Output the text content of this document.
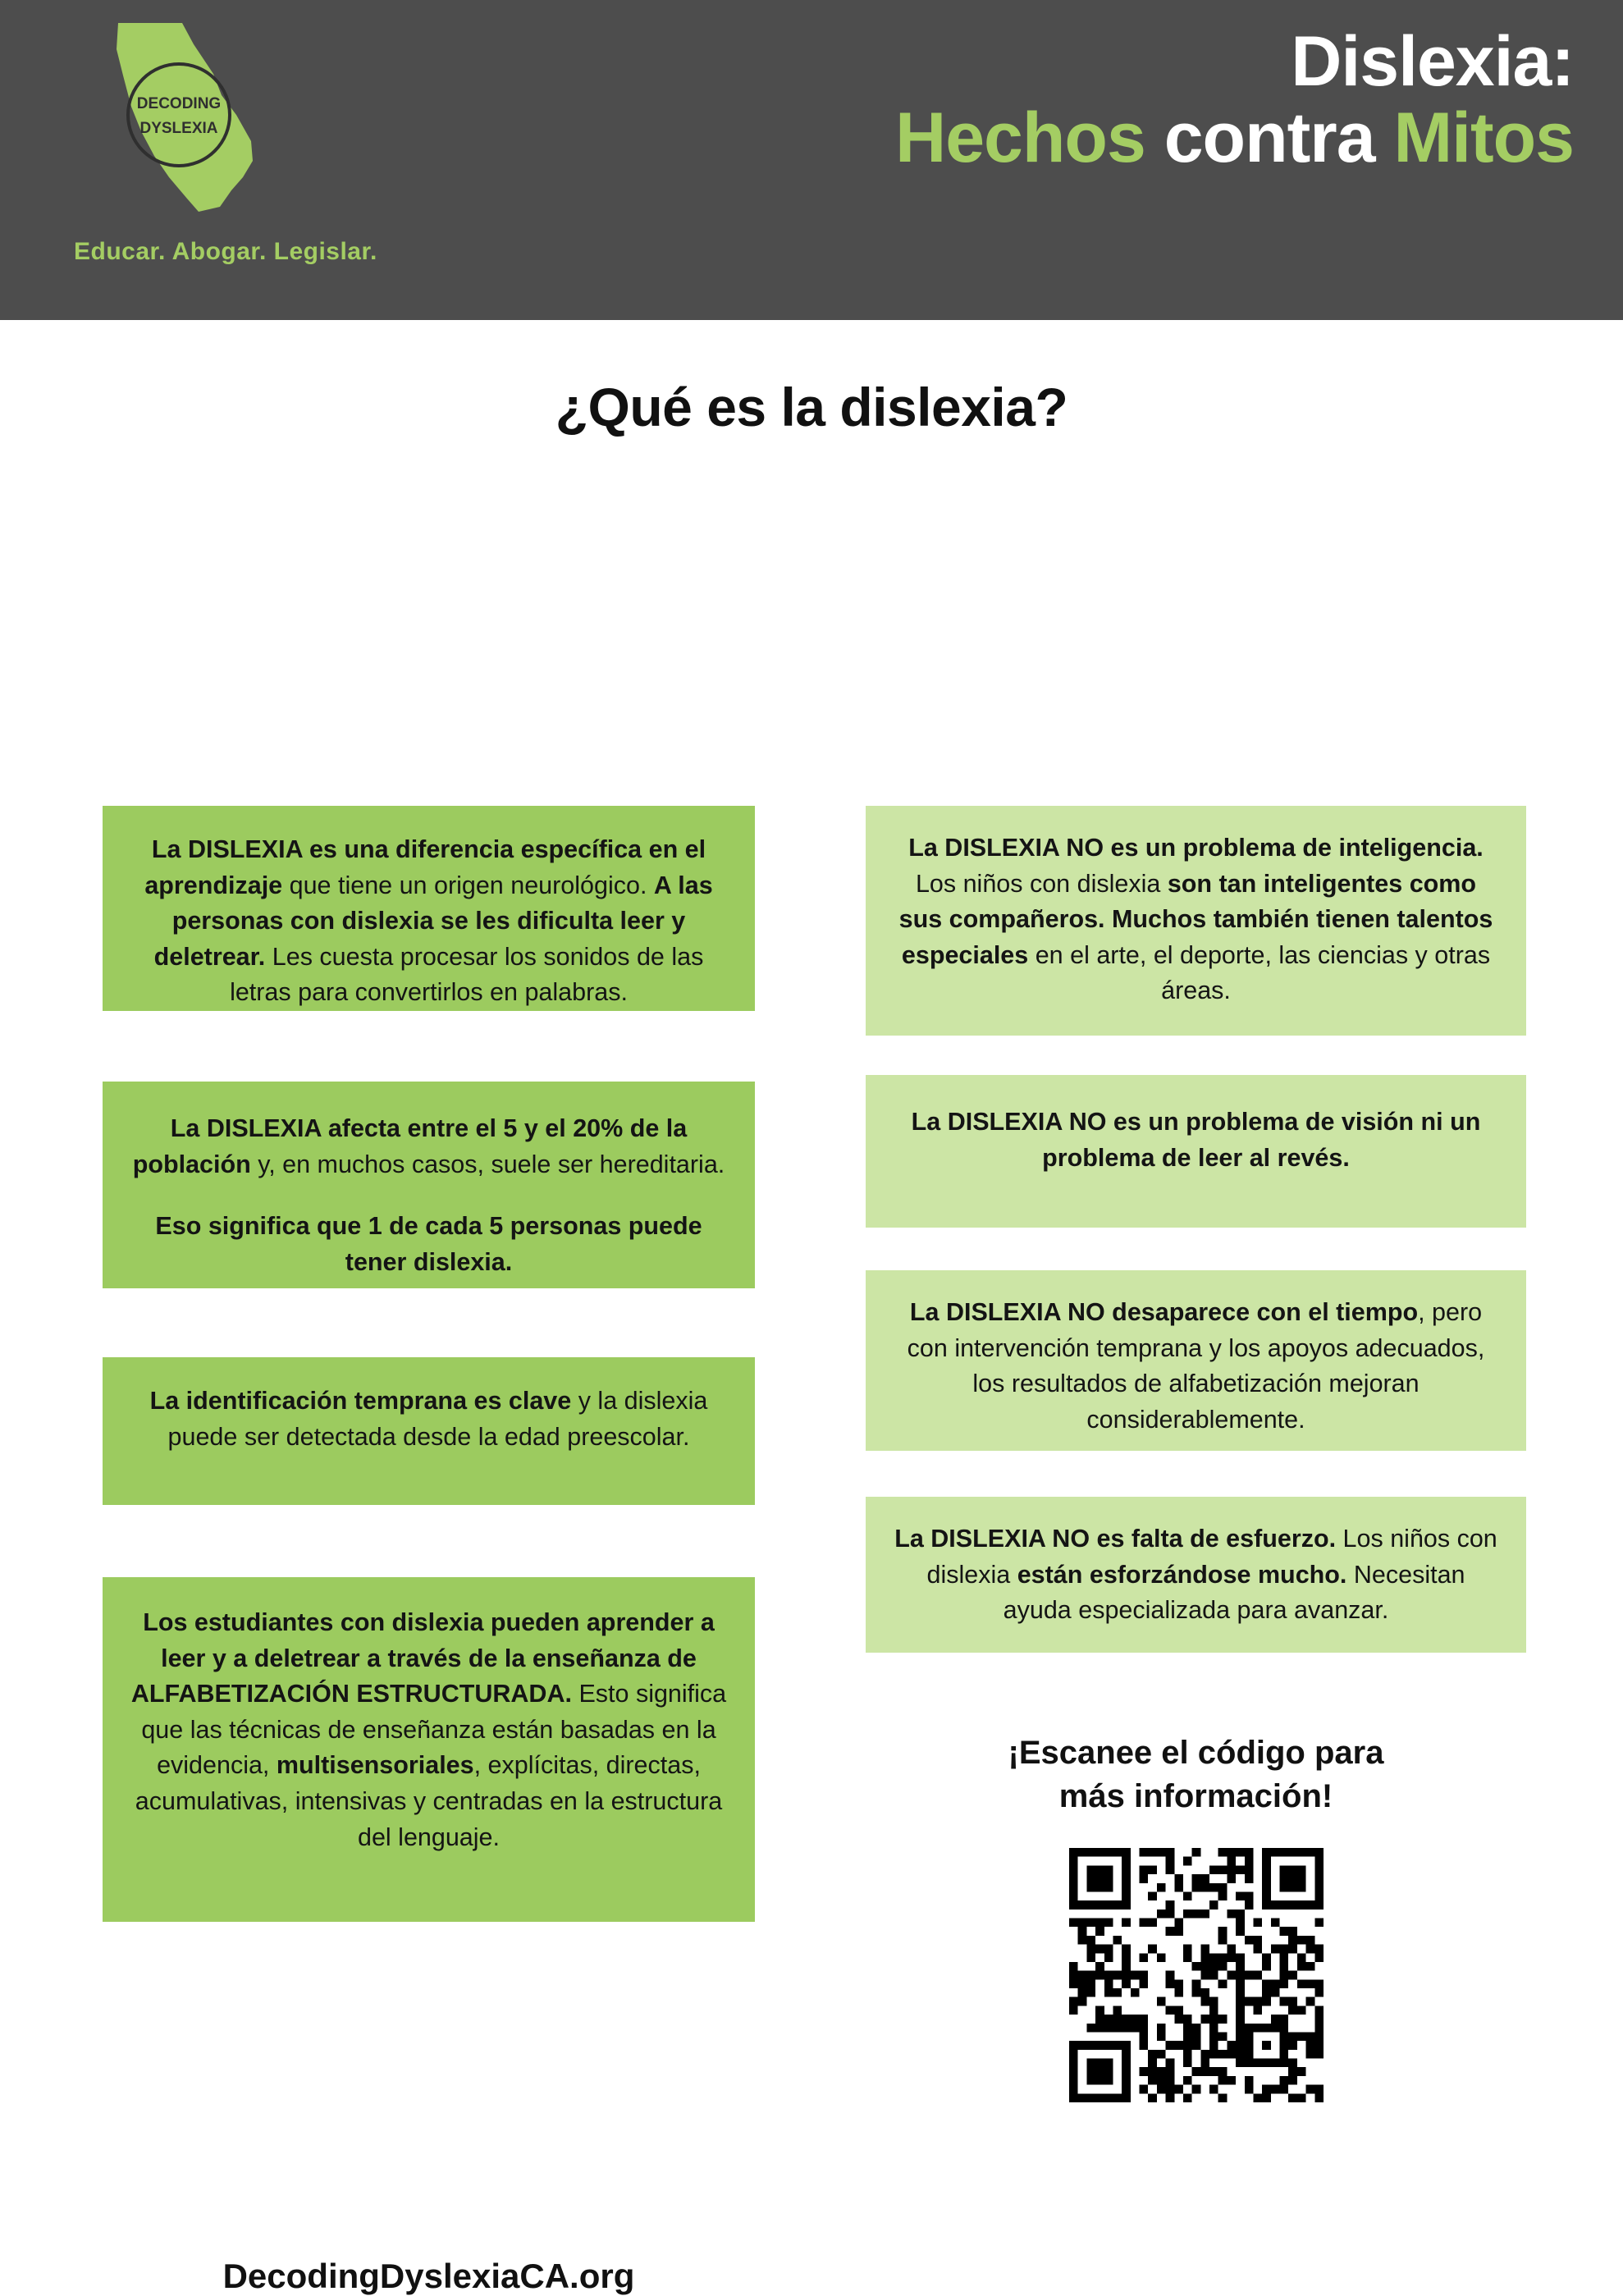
DECODING
DYSLEXIA
Educar. Abogar. Legislar.
Dislexia:
Hechos contra Mitos
¿Qué es la dislexia?

La DISLEXIA es una diferencia específica en el aprendizaje que tiene un origen neurológico. A las personas con dislexia se les dificulta leer y deletrear. Les cuesta procesar los sonidos de las letras para convertirlos en palabras.

La DISLEXIA afecta entre el 5 y el 20% de la población y, en muchos casos, suele ser hereditaria.

Eso significa que 1 de cada 5 personas puede tener dislexia.

La identificación temprana es clave y la dislexia puede ser detectada desde la edad preescolar.

Los estudiantes con dislexia pueden aprender a leer y a deletrear a través de la enseñanza de ALFABETIZACIÓN ESTRUCTURADA. Esto significa que las técnicas de enseñanza están basadas en la evidencia, multisensoriales, explícitas, directas, acumulativas, intensivas y centradas en la estructura del lenguaje.

La DISLEXIA NO es un problema de inteligencia. Los niños con dislexia son tan inteligentes como sus compañeros. Muchos también tienen talentos especiales en el arte, el deporte, las ciencias y otras áreas.

La DISLEXIA NO es un problema de visión ni un problema de leer al revés.

La DISLEXIA NO desaparece con el tiempo, pero con intervención temprana y los apoyos adecuados, los resultados de alfabetización mejoran considerablemente.

La DISLEXIA NO es falta de esfuerzo. Los niños con dislexia están esforzándose mucho. Necesitan ayuda especializada para avanzar.

¡Escanee el código para
más información!
DecodingDyslexiaCA.org
